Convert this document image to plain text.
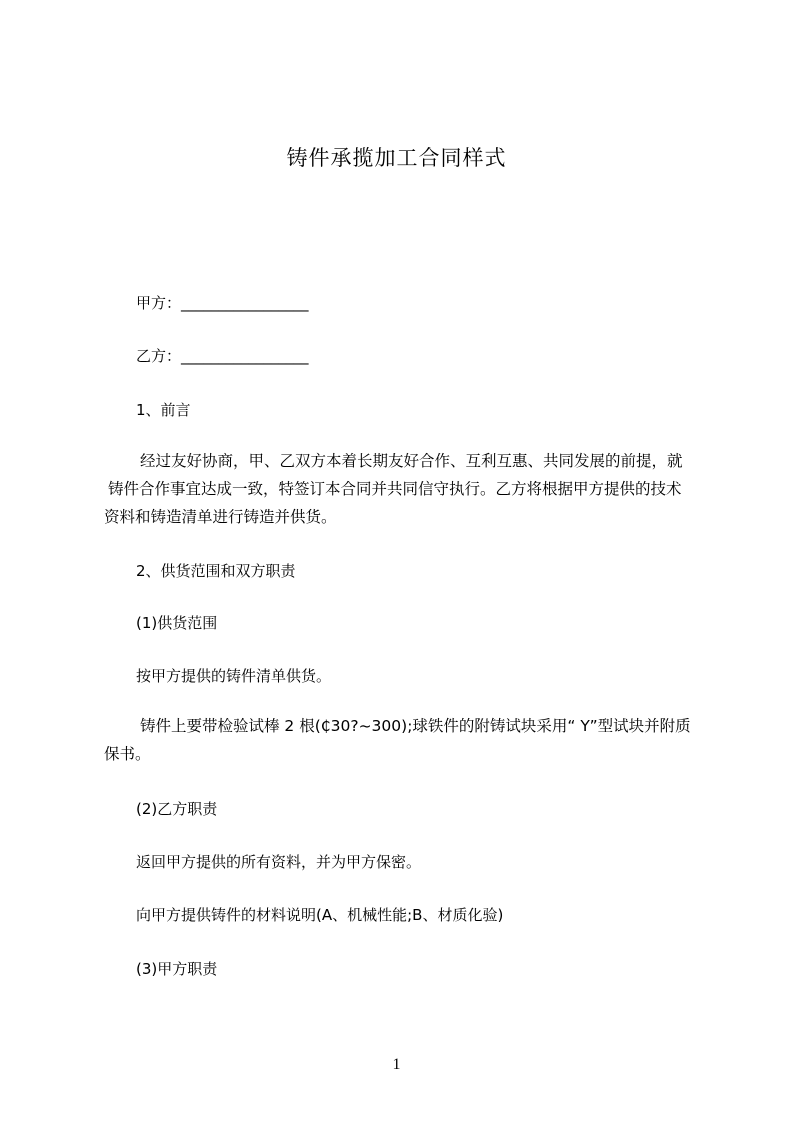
铸件承揽加工合同样式
甲方：_________________
乙方：_________________
1、前言
经过友好协商，甲、乙双方本着长期友好合作、互利互惠、共同发展的前提，就
铸件合作事宜达成一致，特签订本合同并共同信守执行。乙方将根据甲方提供的技术
资料和铸造清单进行铸造并供货。
2、供货范围和双方职责
(1)供货范围
按甲方提供的铸件清单供货。
铸件上要带检验试棒 2 根(₵30?~300);球铁件的附铸试块采用“ Y”型试块并附质
保书。
(2)乙方职责
返回甲方提供的所有资料，并为甲方保密。
向甲方提供铸件的材料说明(A、机械性能;B、材质化验)
(3)甲方职责
1
